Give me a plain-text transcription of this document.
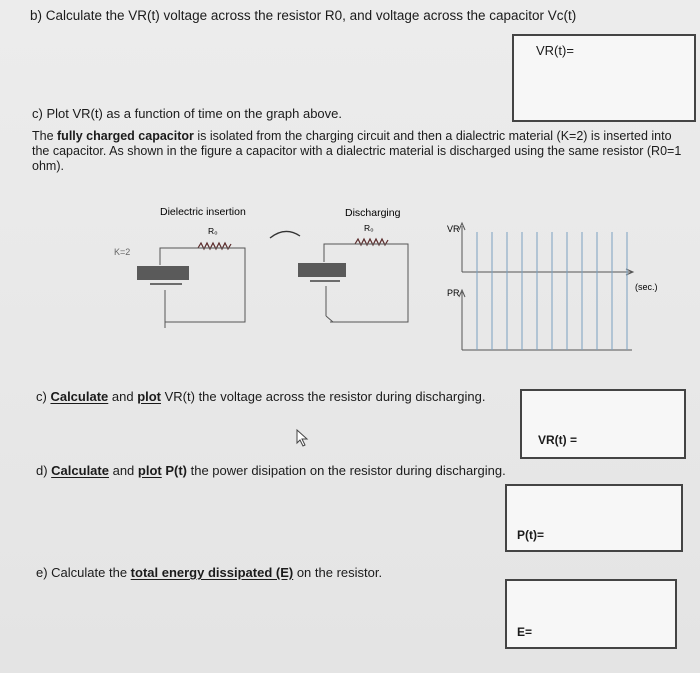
b) Calculate the VR(t) voltage across the resistor R0, and voltage across the capacitor Vc(t)
VR(t)=
c) Plot VR(t) as a function of time on the graph above.
The fully charged capacitor is isolated from the charging circuit and then a dialectric material (K=2) is inserted into the capacitor. As shown in the figure a capacitor with a dialectric material is discharged using the same resistor (R0=1 ohm).
Dielectric insertion
R₀
K=2
Discharging
R₀	VR
PR
(sec.)
c) Calculate and plot VR(t) the voltage across the resistor during discharging.
VR(t) =
d) Calculate and plot P(t) the power disipation on the resistor during discharging.
P(t)=
e) Calculate the total energy dissipated (E) on the resistor.
E=
